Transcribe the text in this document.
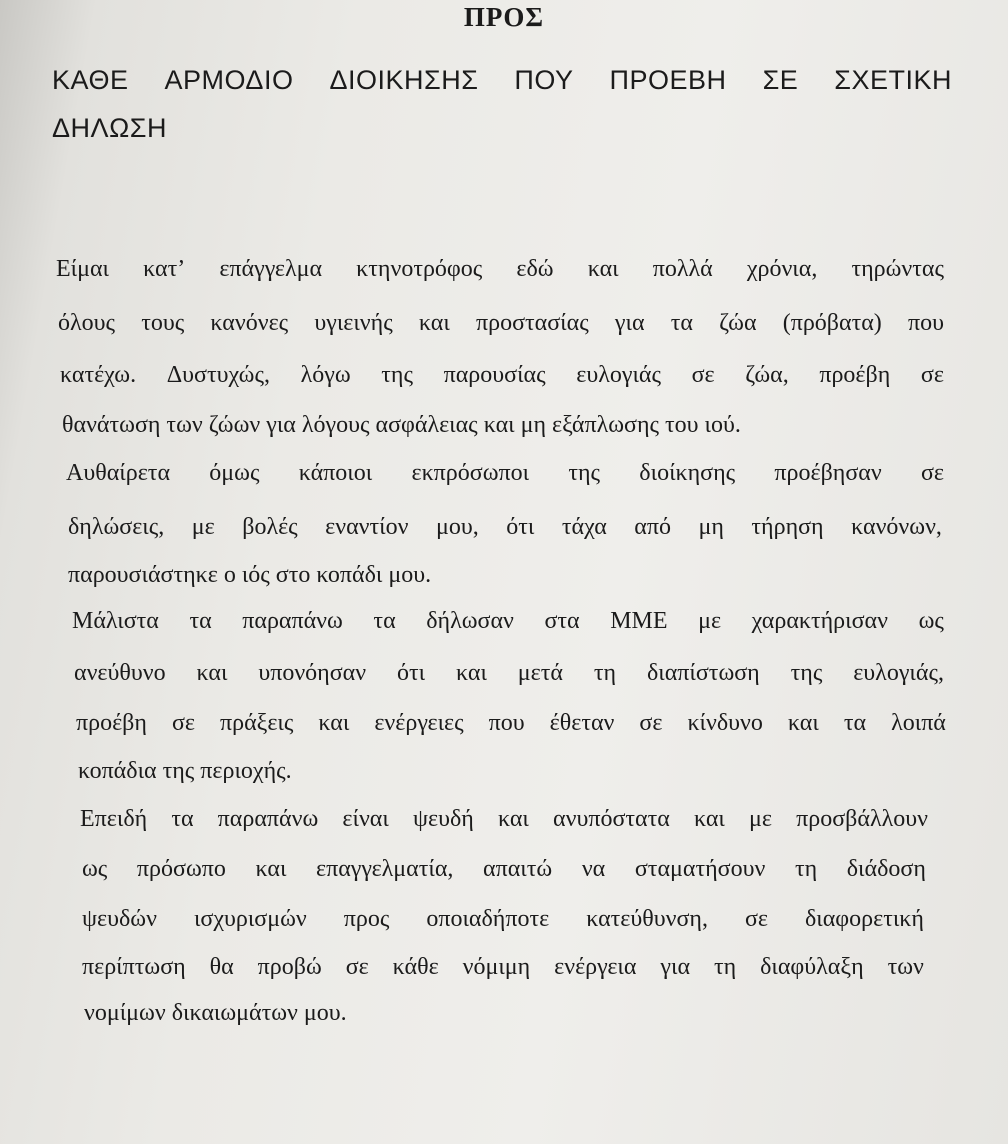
ΠΡΟΣ
ΚΑΘΕ ΑΡΜΟΔΙΟ ΔΙΟΙΚΗΣΗΣ ΠΟΥ ΠΡΟΕΒΗ ΣΕ ΣΧΕΤΙΚΗ
ΔΗΛΩΣΗ
Είμαι κατ’ επάγγελμα κτηνοτρόφος εδώ και πολλά χρόνια, τηρώντας
όλους τους κανόνες υγιεινής και προστασίας για τα ζώα (πρόβατα) που
κατέχω. Δυστυχώς, λόγω της παρουσίας ευλογιάς σε ζώα, προέβη σε
θανάτωση των ζώων για λόγους ασφάλειας και μη εξάπλωσης του ιού.
Αυθαίρετα όμως κάποιοι εκπρόσωποι της διοίκησης προέβησαν σε
δηλώσεις, με βολές εναντίον μου, ότι τάχα από μη τήρηση κανόνων,
παρουσιάστηκε ο ιός στο κοπάδι μου.
Μάλιστα τα παραπάνω τα δήλωσαν στα ΜΜΕ με χαρακτήρισαν ως
ανεύθυνο και υπονόησαν ότι και μετά τη διαπίστωση της ευλογιάς,
προέβη σε πράξεις και ενέργειες που έθεταν σε κίνδυνο και τα λοιπά
κοπάδια της περιοχής.
Επειδή τα παραπάνω είναι ψευδή και ανυπόστατα και με προσβάλλουν
ως πρόσωπο και επαγγελματία, απαιτώ να σταματήσουν τη διάδοση
ψευδών ισχυρισμών προς οποιαδήποτε κατεύθυνση, σε διαφορετική
περίπτωση θα προβώ σε κάθε νόμιμη ενέργεια για τη διαφύλαξη των
νομίμων δικαιωμάτων μου.
